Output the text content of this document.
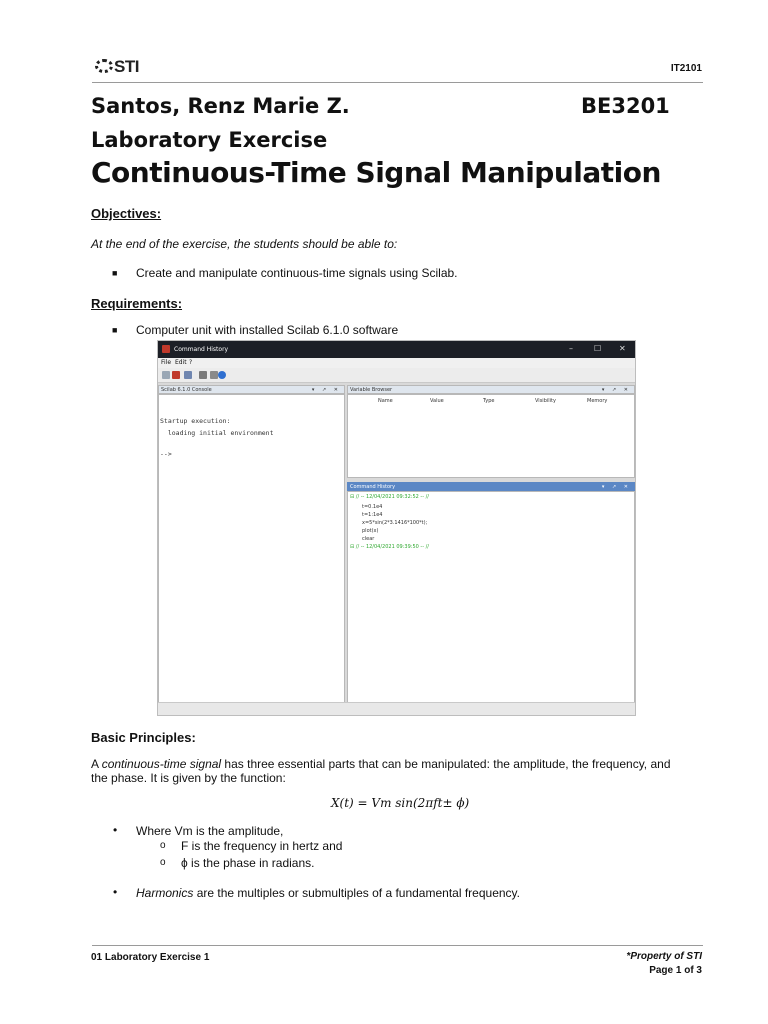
STI	IT2101
Santos, Renz Marie Z.	BE3201
Laboratory Exercise
Continuous-Time Signal Manipulation
Objectives:
At the end of the exercise, the students should be able to:
■ Create and manipulate continuous-time signals using Scilab.
Requirements:
■ Computer unit with installed Scilab 6.1.0 software
Command History	–	☐ ✕
File Edit ?
Scilab 6.1.0 Console	▾ ↗ ✕
Startup execution:
loading initial environment
-->
Variable Browser	▾ ↗ ✕
Name	Value	Type	Visibility	Memory
Command History	▾ ↗ ✕
⊟ // -- 12/04/2021 09:32:52 -- //
t=0.1e4
t=1:1e4
x=5*sin(2*3.1416*100*t);
plot(x)
clear
⊟ // -- 12/04/2021 09:39:50 -- //
Basic Principles:
A continuous-time signal has three essential parts that can be manipulated: the amplitude, the frequency, and
the phase. It is given by the function:
X(t) = Vm sin(2πft± ϕ)
• Where Vm is the amplitude,
o F is the frequency in hertz and
o ϕ is the phase in radians.
• Harmonics are the multiples or submultiples of a fundamental frequency.
01 Laboratory Exercise 1	*Property of STI
Page 1 of 3
